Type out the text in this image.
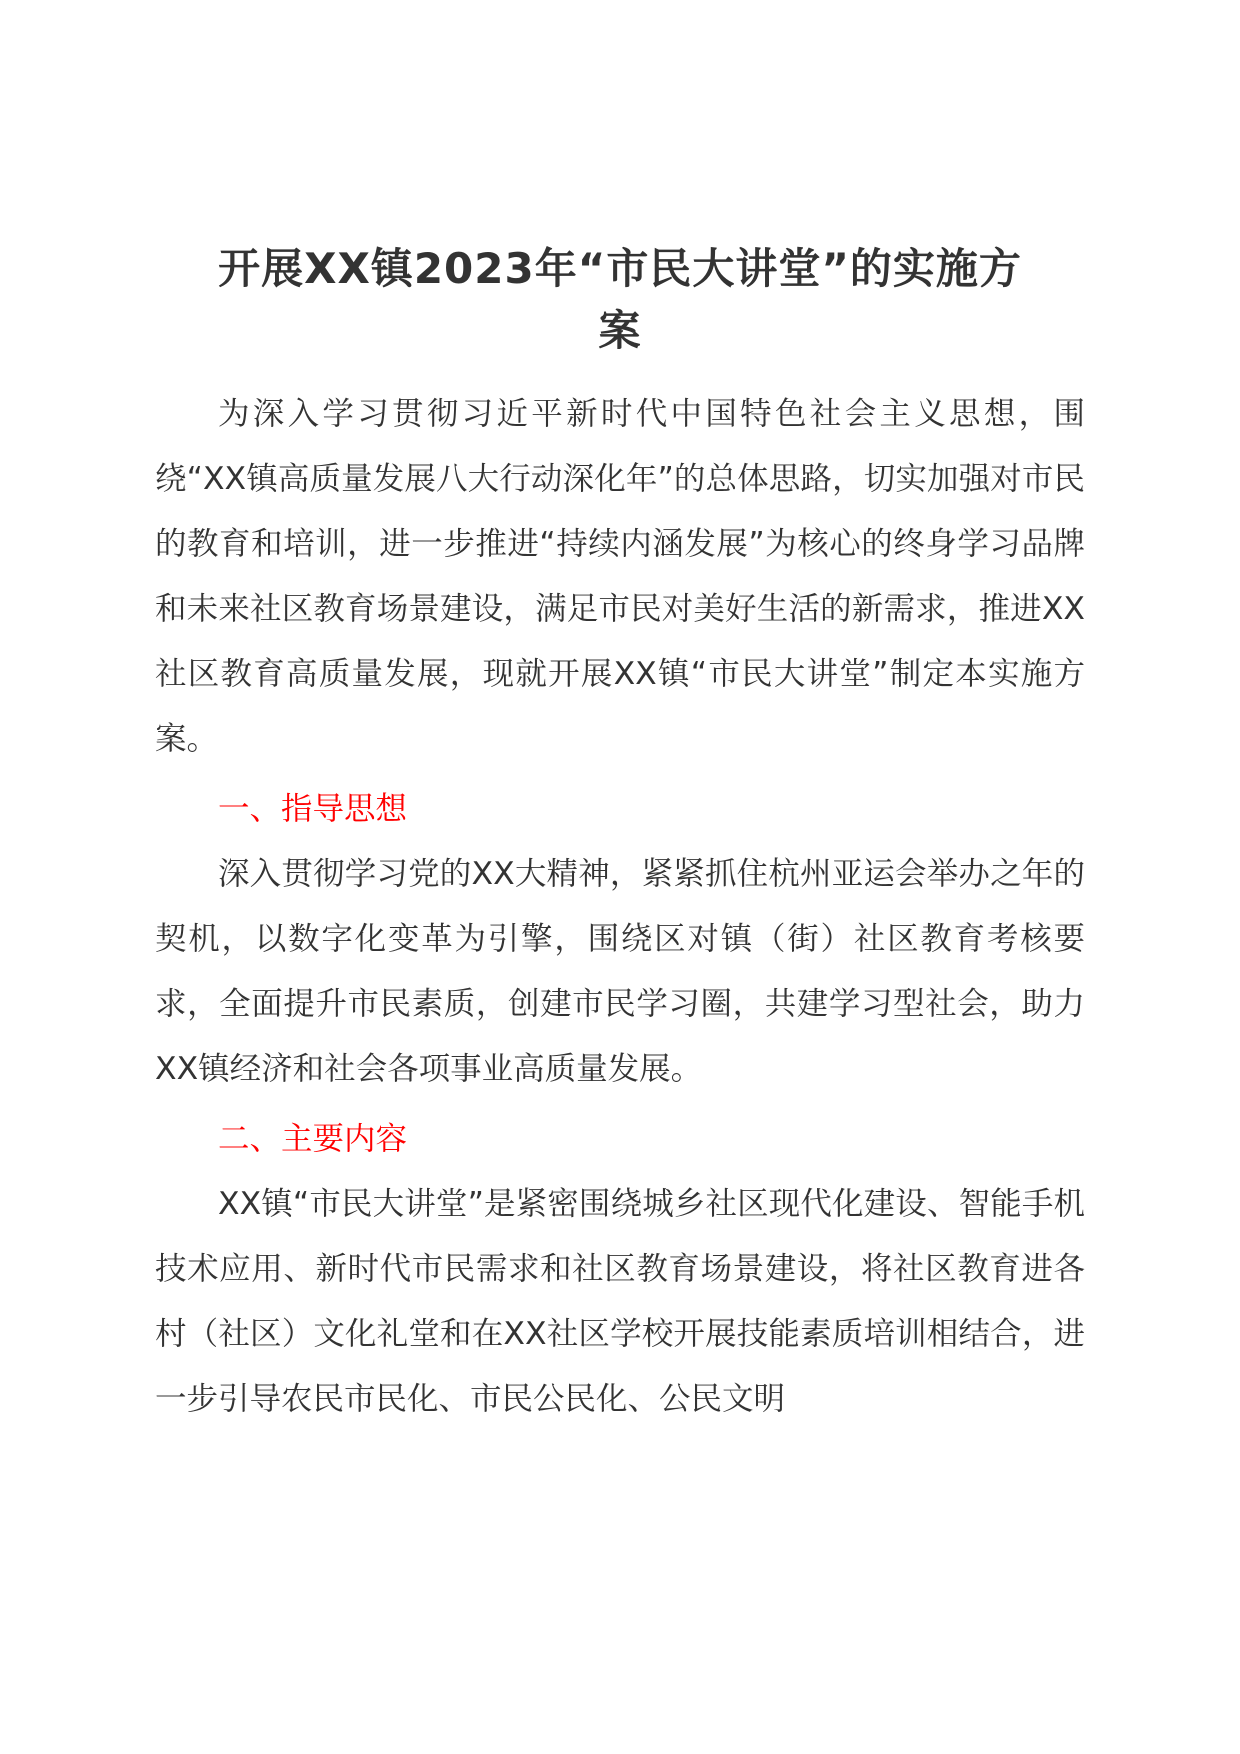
开展XX镇2023年“市民大讲堂”的实施方
案

为深入学习贯彻习近平新时代中国特色社会主义思想，围绕“XX镇高质量发展八大行动深化年”的总体思路，切实加强对市民的教育和培训，进一步推进“持续内涵发展”为核心的终身学习品牌和未来社区教育场景建设，满足市民对美好生活的新需求，推进XX社区教育高质量发展，现就开展XX镇“市民大讲堂”制定本实施方案。

一、指导思想

深入贯彻学习党的XX大精神，紧紧抓住杭州亚运会举办之年的契机，以数字化变革为引擎，围绕区对镇（街）社区教育考核要求，全面提升市民素质，创建市民学习圈，共建学习型社会，助力XX镇经济和社会各项事业高质量发展。

二、主要内容

XX镇“市民大讲堂”是紧密围绕城乡社区现代化建设、智能手机技术应用、新时代市民需求和社区教育场景建设，将社区教育进各村（社区）文化礼堂和在XX社区学校开展技能素质培训相结合，进一步引导农民市民化、市民公民化、公民文明
